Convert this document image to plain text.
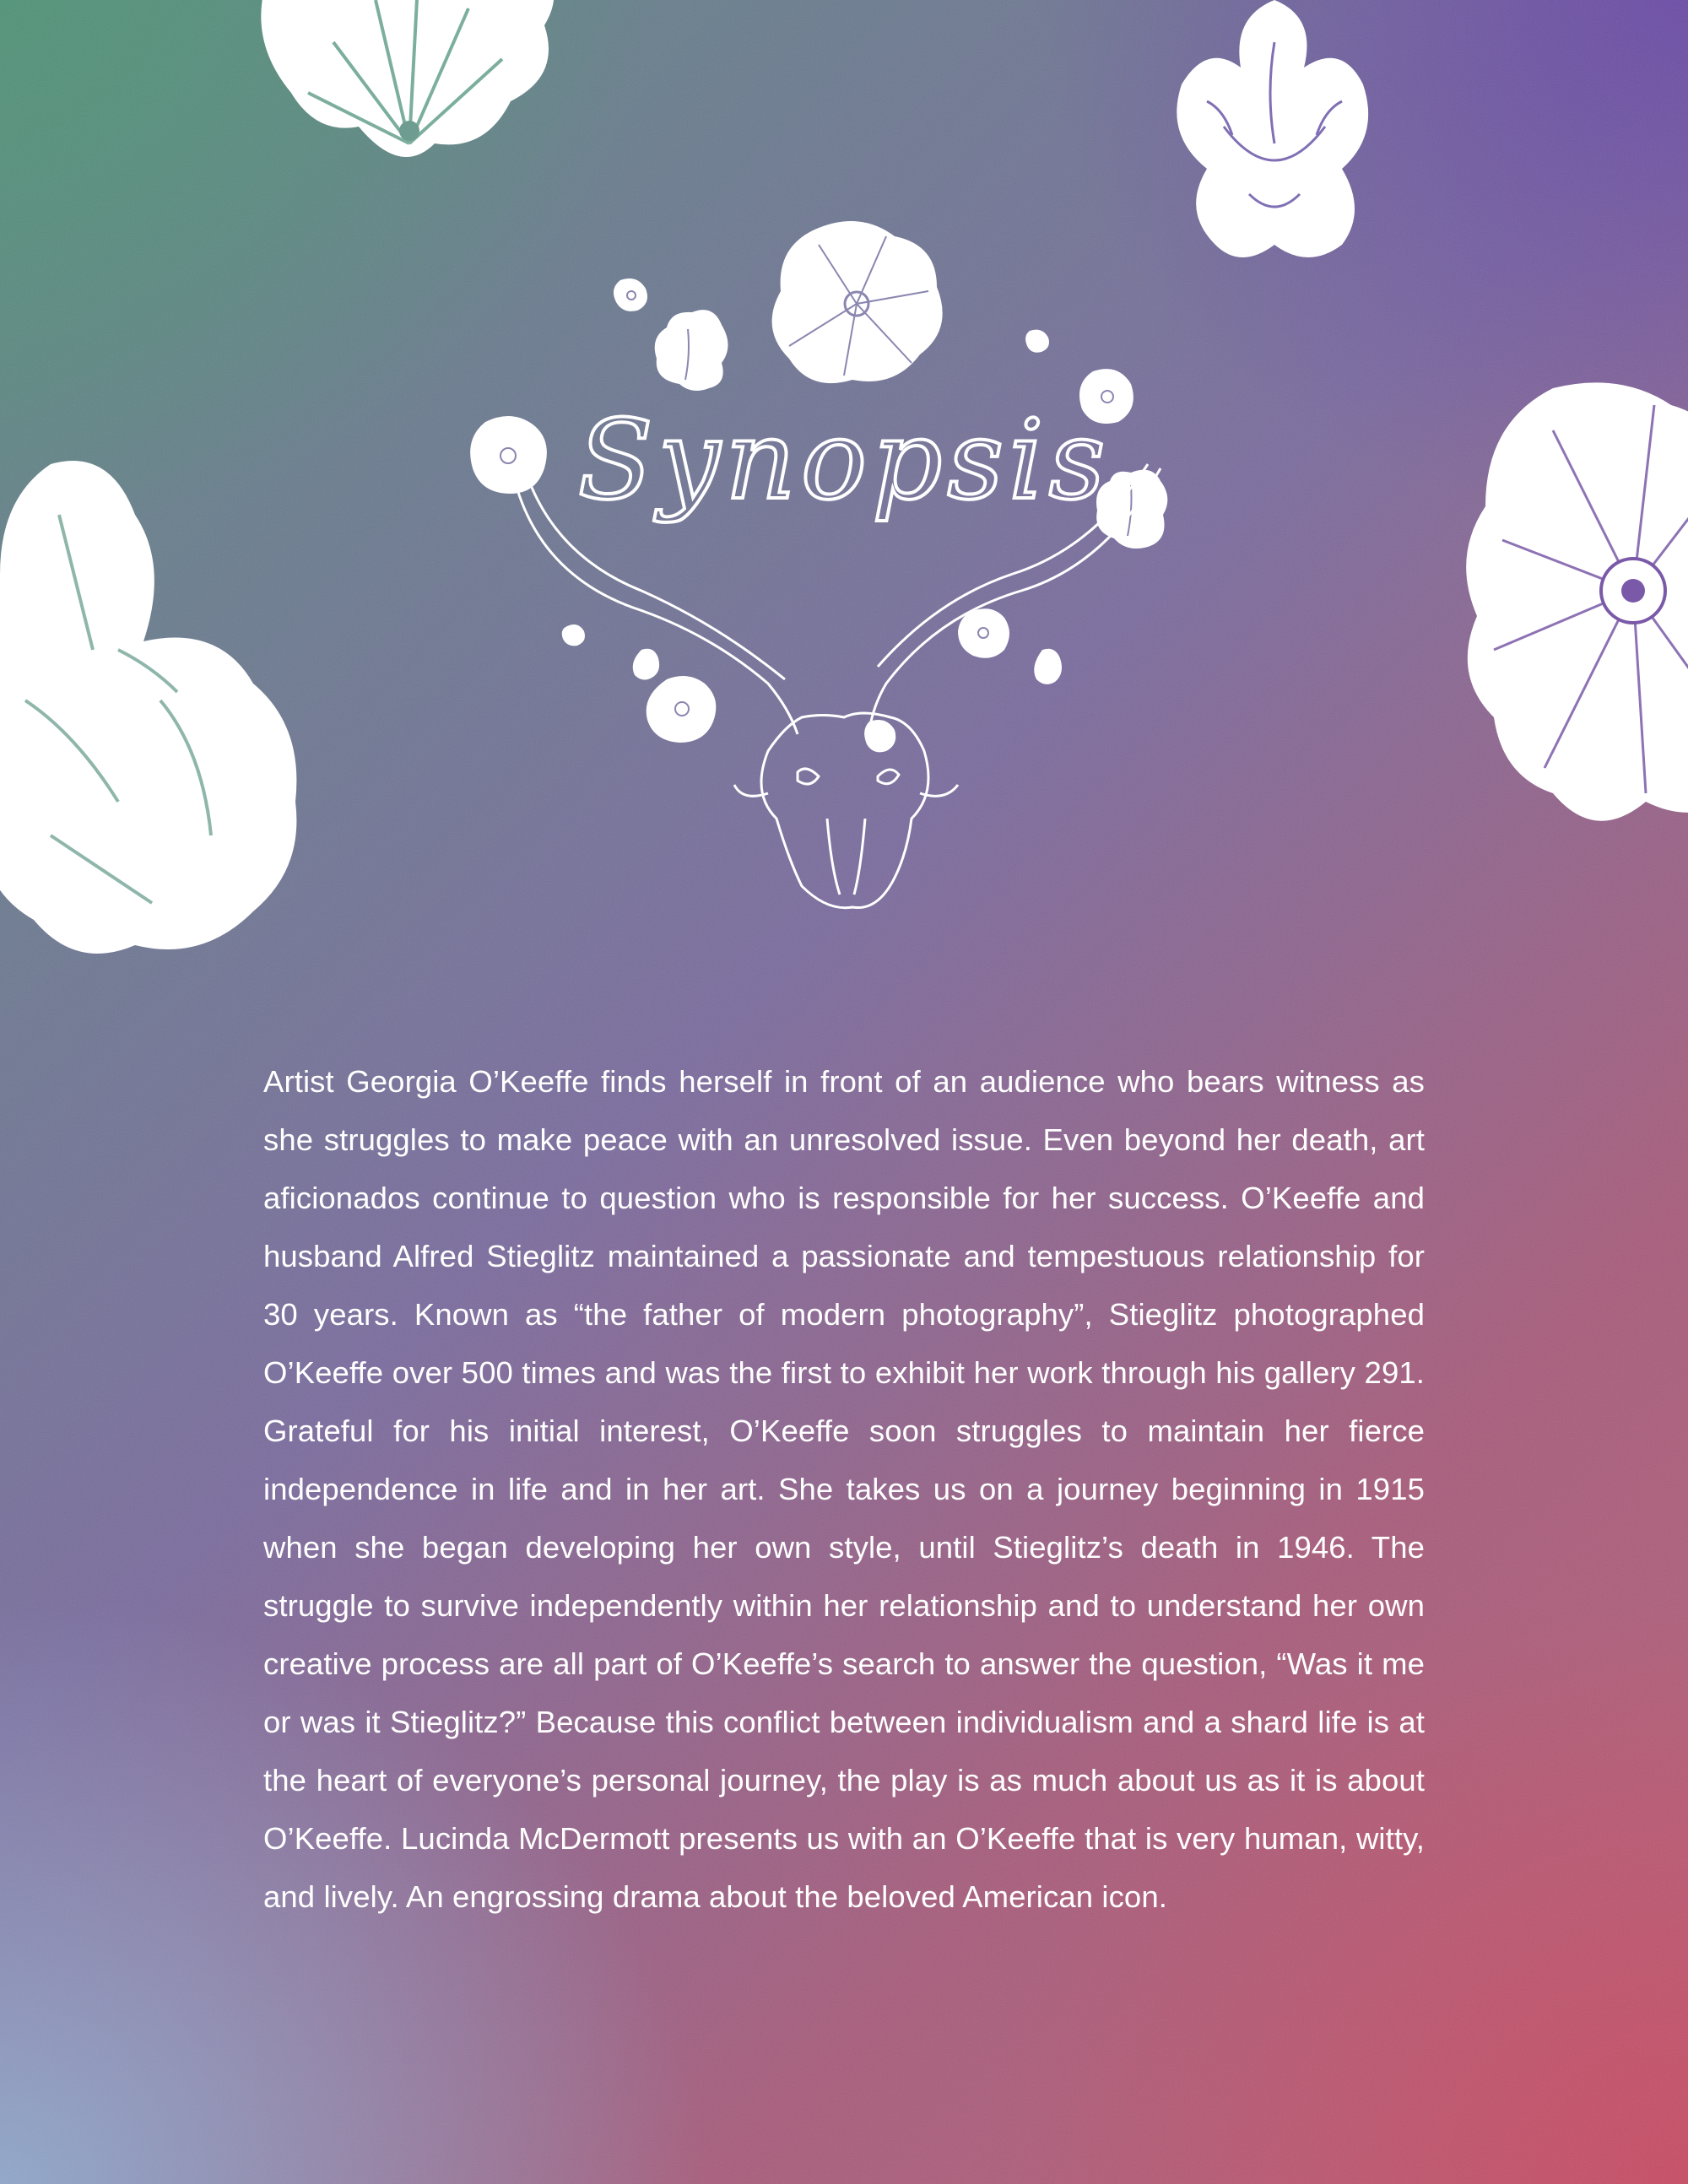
Synopsis

Artist Georgia O’Keeffe finds herself in front of an audience who bears witness as she struggles to make peace with an unresolved issue. Even beyond her death, art aficionados continue to question who is responsible for her success. O’Keeffe and husband Alfred Stieglitz maintained a passionate and tempestuous relationship for 30 years. Known as “the father of modern photography”, Stieglitz photographed O’Keeffe over 500 times and was the first to exhibit her work through his gallery 291. Grateful for his initial interest, O’Keeffe soon struggles to maintain her fierce independence in life and in her art. She takes us on a journey beginning in 1915 when she began developing her own style, until Stieglitz’s death in 1946. The struggle to survive independently within her relationship and to understand her own creative process are all part of O’Keeffe’s search to answer the question, “Was it me or was it Stieglitz?” Because this conflict between individualism and a shard life is at the heart of everyone’s personal journey, the play is as much about us as it is about O’Keeffe. Lucinda McDermott presents us with an O’Keeffe that is very human, witty, and lively. An engrossing drama about the beloved American icon.
